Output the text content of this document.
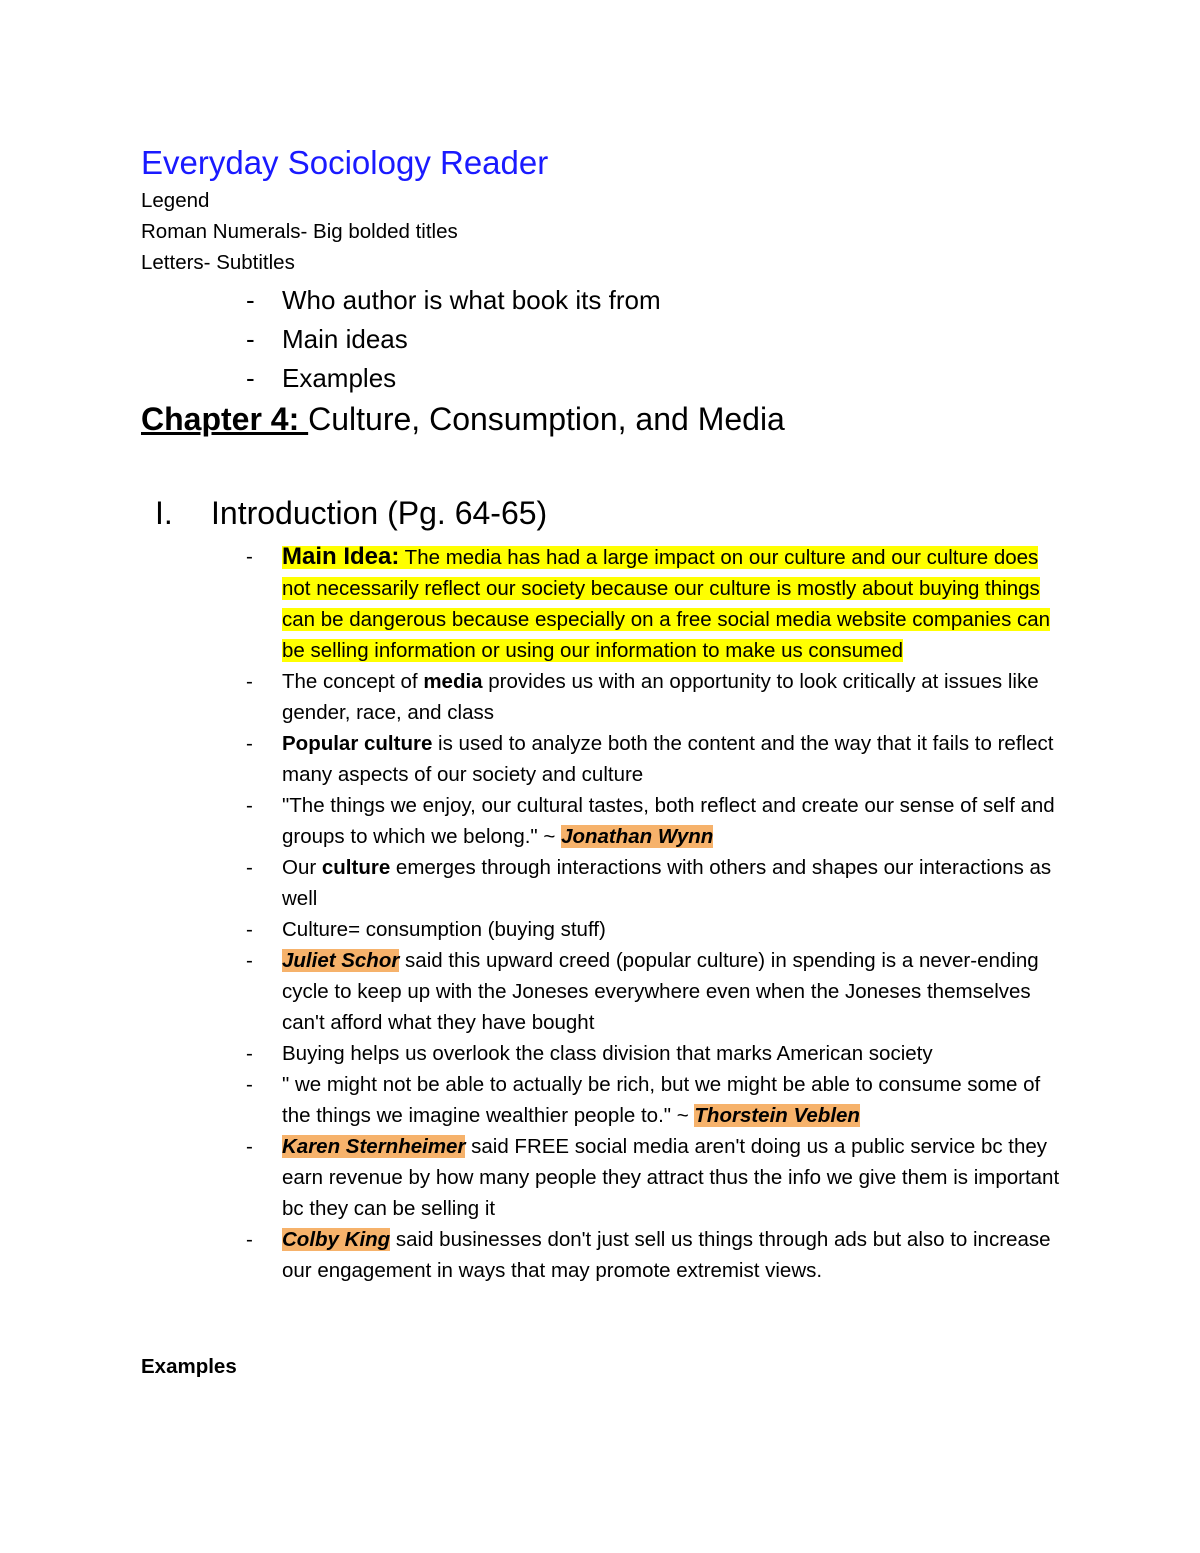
Everyday Sociology Reader
Legend
Roman Numerals- Big bolded titles
Letters- Subtitles
- Who author is what book its from
- Main ideas
- Examples
Chapter 4: Culture, Consumption, and Media
I. Introduction (Pg. 64-65)
- Main Idea: The media has had a large impact on our culture and our culture does not necessarily reflect our society because our culture is mostly about buying things can be dangerous because especially on a free social media website companies can be selling information or using our information to make us consumed
- The concept of media provides us with an opportunity to look critically at issues like gender, race, and class
- Popular culture is used to analyze both the content and the way that it fails to reflect many aspects of our society and culture
- "The things we enjoy, our cultural tastes, both reflect and create our sense of self and groups to which we belong." ~ Jonathan Wynn
- Our culture emerges through interactions with others and shapes our interactions as well
- Culture= consumption (buying stuff)
- Juliet Schor said this upward creed (popular culture) in spending is a never-ending cycle to keep up with the Joneses everywhere even when the Joneses themselves can't afford what they have bought
- Buying helps us overlook the class division that marks American society
- " we might not be able to actually be rich, but we might be able to consume some of the things we imagine wealthier people to." ~ Thorstein Veblen
- Karen Sternheimer said FREE social media aren't doing us a public service bc they earn revenue by how many people they attract thus the info we give them is important bc they can be selling it
- Colby King said businesses don't just sell us things through ads but also to increase our engagement in ways that may promote extremist views.
Examples
